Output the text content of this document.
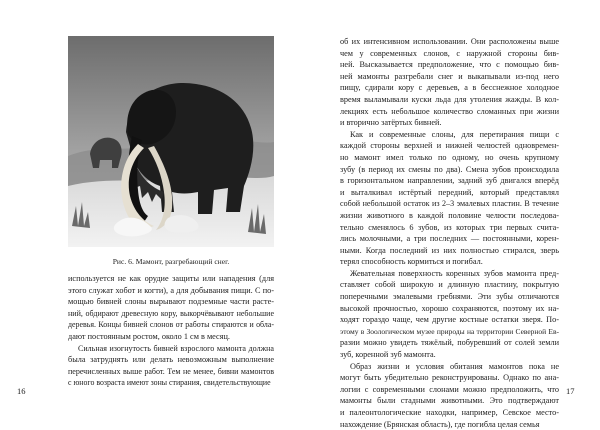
Рис. 6. Мамонт, разгребающий снег.
используется не как орудие защиты или нападения (для
этого служат хобот и когти), а для добывания пищи. С по-
мощью бивней слоны вырывают подземные части расте-
ний, обдирают древесную кору, выкорчёвывают небольшие
деревья. Концы бивней слонов от работы стираются и обла-
дают постоянным ростом, около 1 см в месяц.
Сильная изогнутость бивней взрослого мамонта должна
была затруднять или делать невозможным выполнение
перечисленных выше работ. Тем не менее, бивни мамонтов
с юного возраста имеют зоны стирания, свидетельствующие
16
об их интенсивном использовании. Они расположены выше
чем у современных слонов, с наружной стороны бив-
ней. Высказывается предположение, что с помощью бив-
ней мамонты разгребали снег и выкапывали из-под него
пищу, сдирали кору с деревьев, а в бесснежное холодное
время выламывали куски льда для утоления жажды. В кол-
лекциях есть небольшое количество сломанных при жизни
и вторично затёртых бивней.
Как и современные слоны, для перетирания пищи с
каждой стороны верхней и нижней челюстей одновремен-
но мамонт имел только по одному, но очень крупному
зубу (в период их смены по два). Смена зубов происходила
в горизонтальном направлении, задний зуб двигался вперёд
и выталкивал истёртый передний, который представлял
собой небольшой остаток из 2–3 эмалевых пластин. В течение
жизни животного в каждой половине челюсти последова-
тельно сменялось 6 зубов, из которых три первых счита-
лись молочными, а три последних — постоянными, корен-
ными. Когда последний из них полностью стирался, зверь
терял способность кормиться и погибал.
Жевательная поверхность коренных зубов мамонта пред-
ставляет собой широкую и длинную пластину, покрытую
поперечными эмалевыми гребнями. Эти зубы отличаются
высокой прочностью, хорошо сохраняются, поэтому их на-
ходят гораздо чаще, чем другие костные остатки зверя. По-
этому в Зоологическом музее природы на территории Северной Ев-
разии можно увидеть тяжёлый, побуревший от солей земли
зуб, коренной зуб мамонта.
Образ жизни и условия обитания мамонтов пока не
могут быть убедительно реконструированы. Однако по ана-
логии с современными слонами можно предположить, что
мамонты были стадными животными. Это подтверждают
и палеонтологические находки, например, Севское место-
нахождение (Брянская область), где погибла целая семья
17
